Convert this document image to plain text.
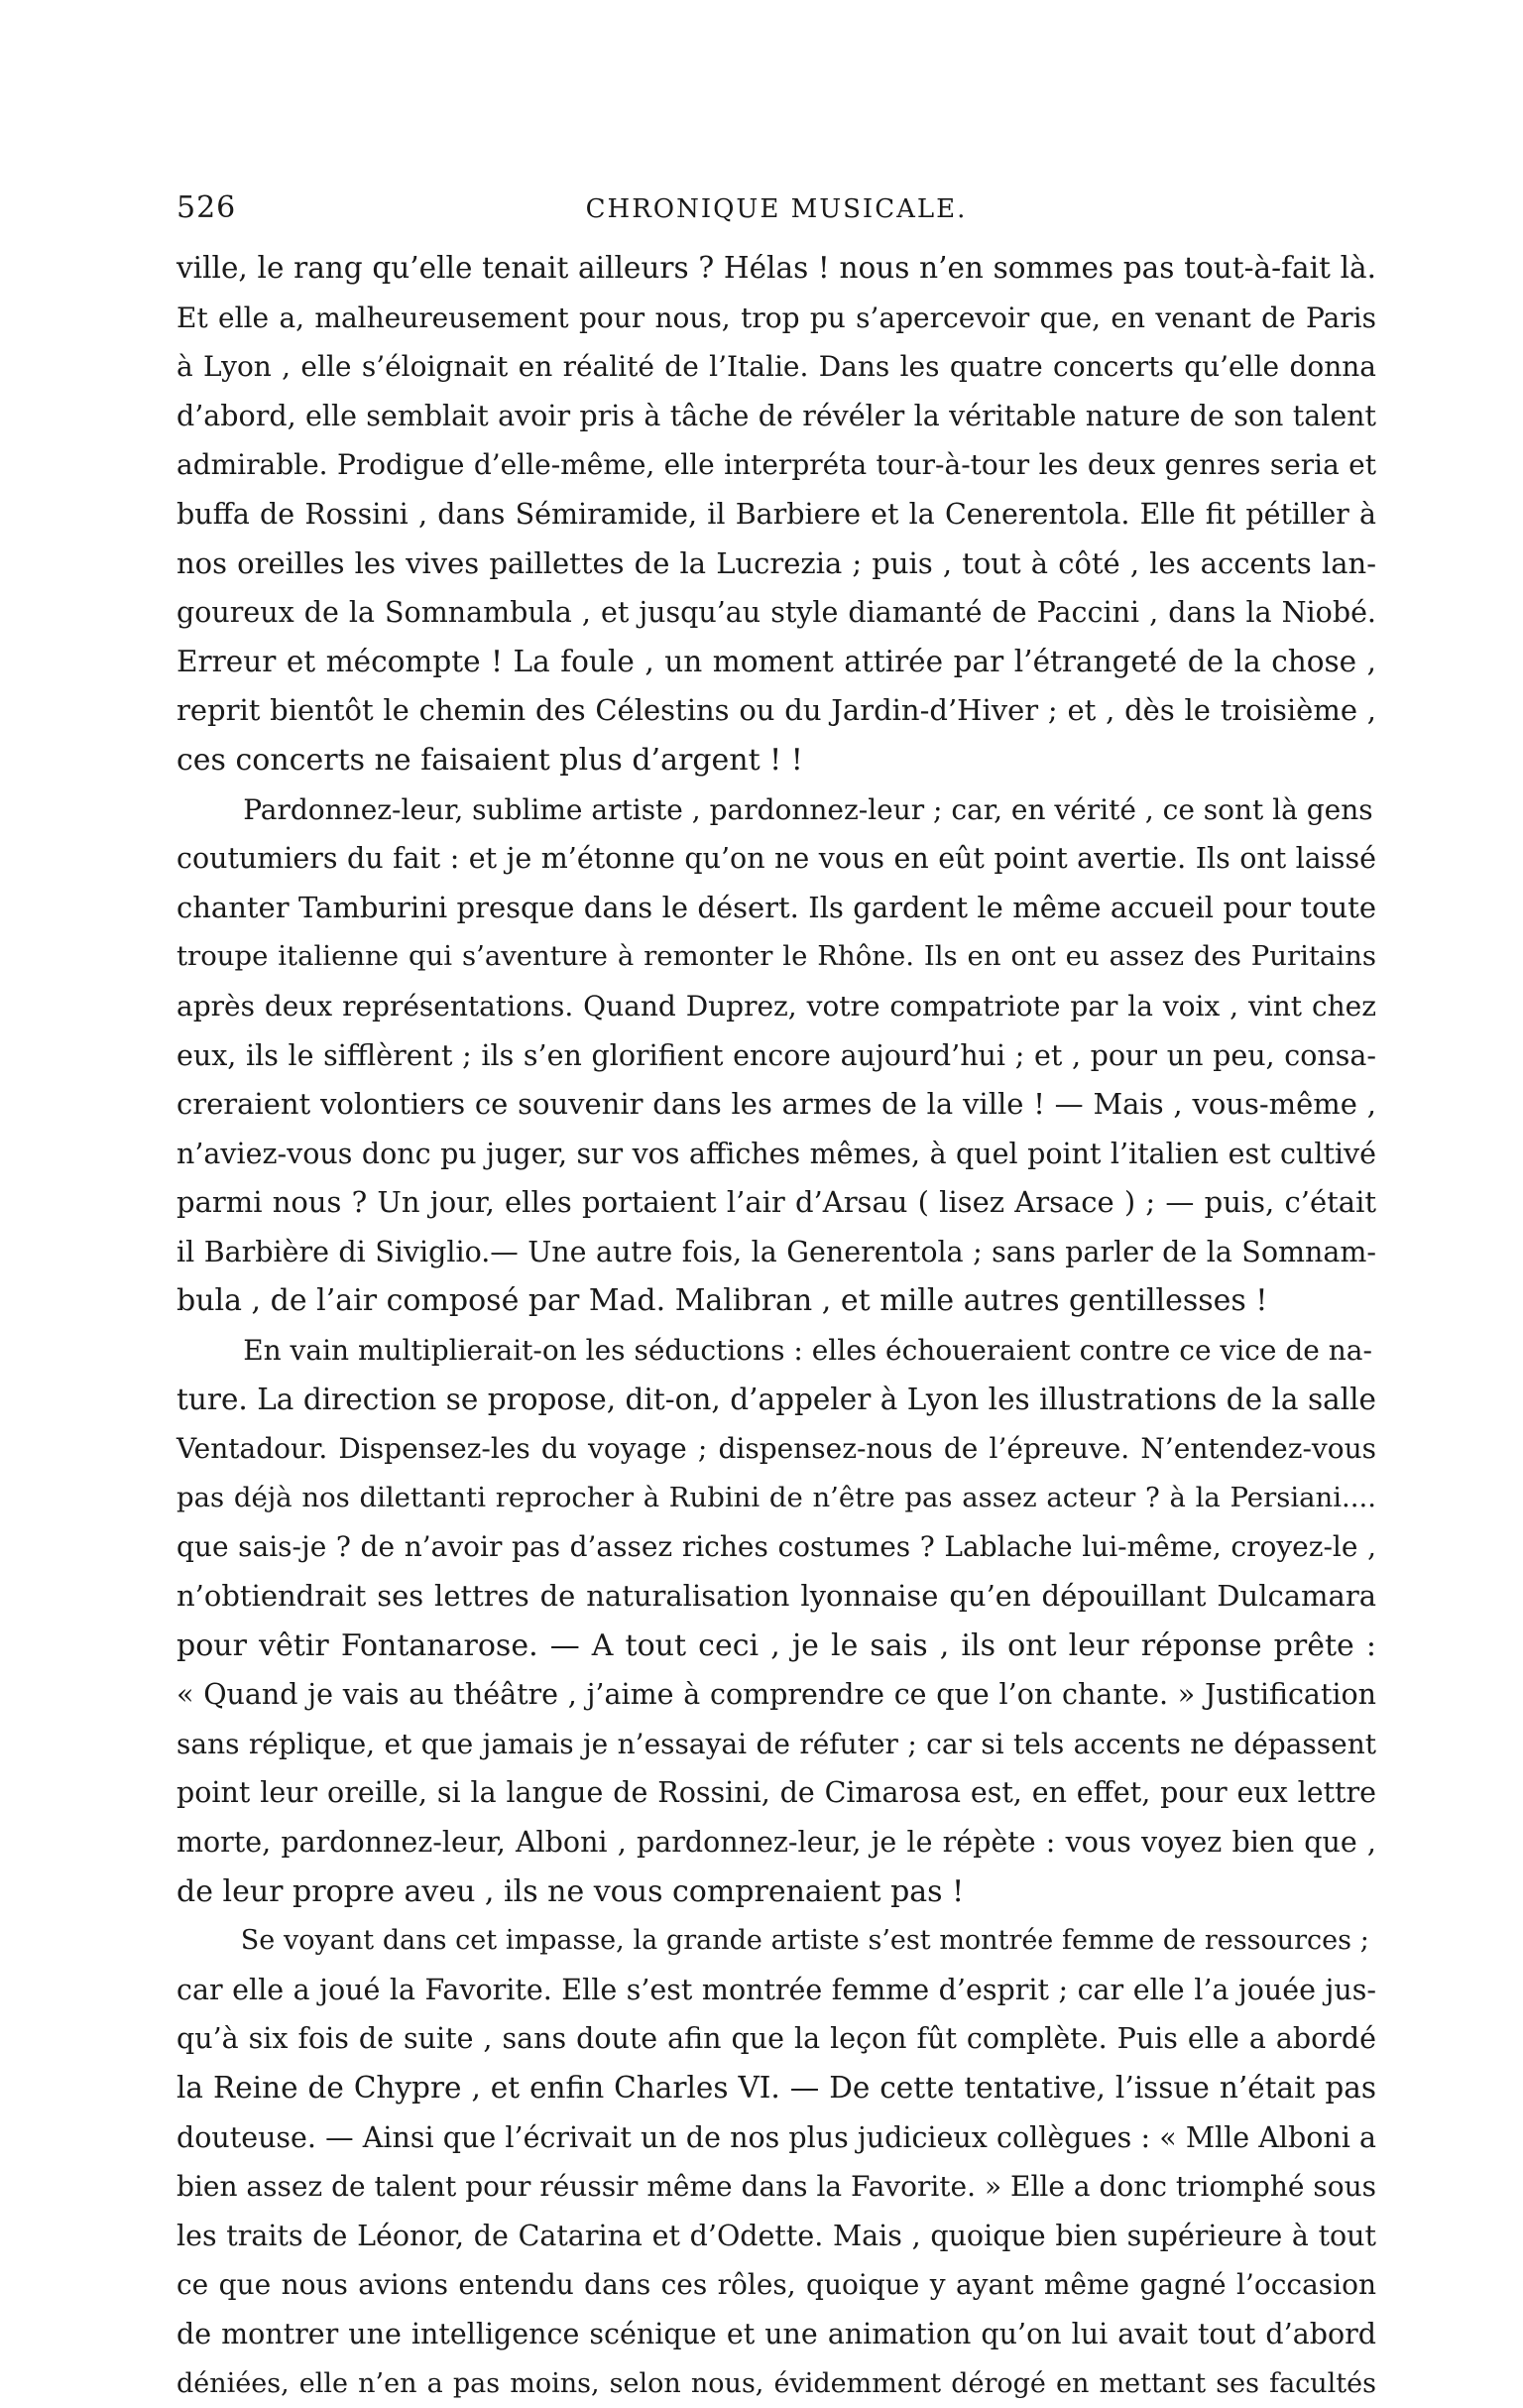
526	CHRONIQUE MUSICALE.
ville, le rang qu’elle tenait ailleurs ? Hélas ! nous n’en sommes pas tout-à-fait là.
Et elle a, malheureusement pour nous, trop pu s’apercevoir que, en venant de Paris
à Lyon , elle s’éloignait en réalité de l’Italie. Dans les quatre concerts qu’elle donna
d’abord, elle semblait avoir pris à tâche de révéler la véritable nature de son talent
admirable. Prodigue d’elle-même, elle interpréta tour-à-tour les deux genres seria et
buffa de Rossini , dans Sémiramide, il Barbiere et la Cenerentola. Elle fit pétiller à
nos oreilles les vives paillettes de la Lucrezia ; puis , tout à côté , les accents lan-
goureux de la Somnambula , et jusqu’au style diamanté de Paccini , dans la Niobé.
Erreur et mécompte ! La foule , un moment attirée par l’étrangeté de la chose ,
reprit bientôt le chemin des Célestins ou du Jardin-d’Hiver ; et , dès le troisième ,
ces concerts ne faisaient plus d’argent ! !
Pardonnez-leur, sublime artiste , pardonnez-leur ; car, en vérité , ce sont là gens
coutumiers du fait : et je m’étonne qu’on ne vous en eût point avertie. Ils ont laissé
chanter Tamburini presque dans le désert. Ils gardent le même accueil pour toute
troupe italienne qui s’aventure à remonter le Rhône. Ils en ont eu assez des Puritains
après deux représentations. Quand Duprez, votre compatriote par la voix , vint chez
eux, ils le sifflèrent ; ils s’en glorifient encore aujourd’hui ; et , pour un peu, consa-
creraient volontiers ce souvenir dans les armes de la ville ! — Mais , vous-même ,
n’aviez-vous donc pu juger, sur vos affiches mêmes, à quel point l’italien est cultivé
parmi nous ? Un jour, elles portaient l’air d’Arsau ( lisez Arsace ) ; — puis, c’était
il Barbière di Siviglio.— Une autre fois, la Generentola ; sans parler de la Somnam-
bula , de l’air composé par Mad. Malibran , et mille autres gentillesses !
En vain multiplierait-on les séductions : elles échoueraient contre ce vice de na-
ture. La direction se propose, dit-on, d’appeler à Lyon les illustrations de la salle
Ventadour. Dispensez-les du voyage ; dispensez-nous de l’épreuve. N’entendez-vous
pas déjà nos dilettanti reprocher à Rubini de n’être pas assez acteur ? à la Persiani....
que sais-je ? de n’avoir pas d’assez riches costumes ? Lablache lui-même, croyez-le ,
n’obtiendrait ses lettres de naturalisation lyonnaise qu’en dépouillant Dulcamara
pour vêtir Fontanarose. — A tout ceci , je le sais , ils ont leur réponse prête :
« Quand je vais au théâtre , j’aime à comprendre ce que l’on chante. » Justification
sans réplique, et que jamais je n’essayai de réfuter ; car si tels accents ne dépassent
point leur oreille, si la langue de Rossini, de Cimarosa est, en effet, pour eux lettre
morte, pardonnez-leur, Alboni , pardonnez-leur, je le répète : vous voyez bien que ,
de leur propre aveu , ils ne vous comprenaient pas !
Se voyant dans cet impasse, la grande artiste s’est montrée femme de ressources ;
car elle a joué la Favorite. Elle s’est montrée femme d’esprit ; car elle l’a jouée jus-
qu’à six fois de suite , sans doute afin que la leçon fût complète. Puis elle a abordé
la Reine de Chypre , et enfin Charles VI. — De cette tentative, l’issue n’était pas
douteuse. — Ainsi que l’écrivait un de nos plus judicieux collègues : « Mlle Alboni a
bien assez de talent pour réussir même dans la Favorite. » Elle a donc triomphé sous
les traits de Léonor, de Catarina et d’Odette. Mais , quoique bien supérieure à tout
ce que nous avions entendu dans ces rôles, quoique y ayant même gagné l’occasion
de montrer une intelligence scénique et une animation qu’on lui avait tout d’abord
déniées, elle n’en a pas moins, selon nous, évidemment dérogé en mettant ses facultés
